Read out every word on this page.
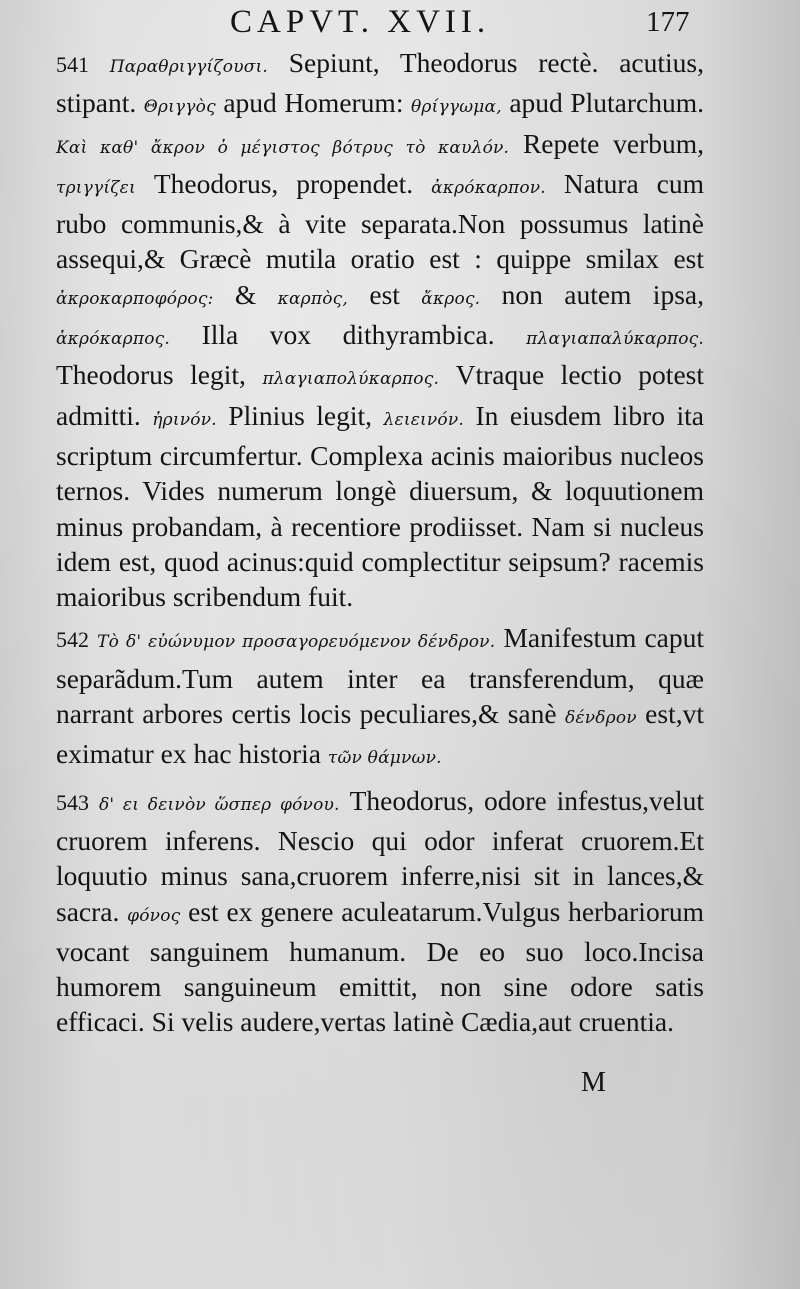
CAPVT. XVII.	177

541 Παραθριγγίζουσι. Sepiunt, Theodorus rectè. acutius, stipant. Θριγγὸς apud Homerum: θρίγγωμα, apud Plutarchum. Καὶ καθ' ἄκρον ὁ μέγιστος βότρυς τὸ καυλόν. Repete verbum, τριγγίζει Theodorus, propendet. ἀκρόκαρπον. Natura cum rubo communis,& à vite separata.Non possumus latinè assequi,& Græcè mutila oratio est : quippe smilax est ἀκροκαρποφόρος: & καρπὸς, est ἄκρος. non autem ipsa, ἀκρόκαρπος. Illa vox dithyrambica. πλαγιαπαλύκαρπος. Theodorus legit, πλαγιαπολύκαρπος. Vtraque lectio potest admitti. ἠρινόν. Plinius legit, λειεινόν. In eiusdem libro ita scriptum circumfertur. Complexa acinis maioribus nucleos ternos. Vides numerum longè diuersum, & loquutionem minus probandam, à recentiore prodiisset. Nam si nucleus idem est, quod acinus:quid complectitur seipsum? racemis maioribus scribendum fuit.

542 Τὸ δ' εὐώνυμον προσαγορευόμενον δένδρον. Manifestum caput separãdum.Tum autem inter ea transferendum, quæ narrant arbores certis locis peculiares,& sanè δένδρον est,vt eximatur ex hac historia τῶν θάμνων.

543 δ' ει δεινὸν ὥσπερ φόνου. Theodorus, odore infestus,velut cruorem inferens. Nescio qui odor inferat cruorem.Et loquutio minus sana,cruorem inferre,nisi sit in lances,& sacra. φόνος est ex genere aculeatarum.Vulgus herbariorum vocant sanguinem humanum. De eo suo loco.Incisa humorem sanguineum emittit, non sine odore satis efficaci. Si velis audere,vertas latinè Cædia,aut cruentia.

M
